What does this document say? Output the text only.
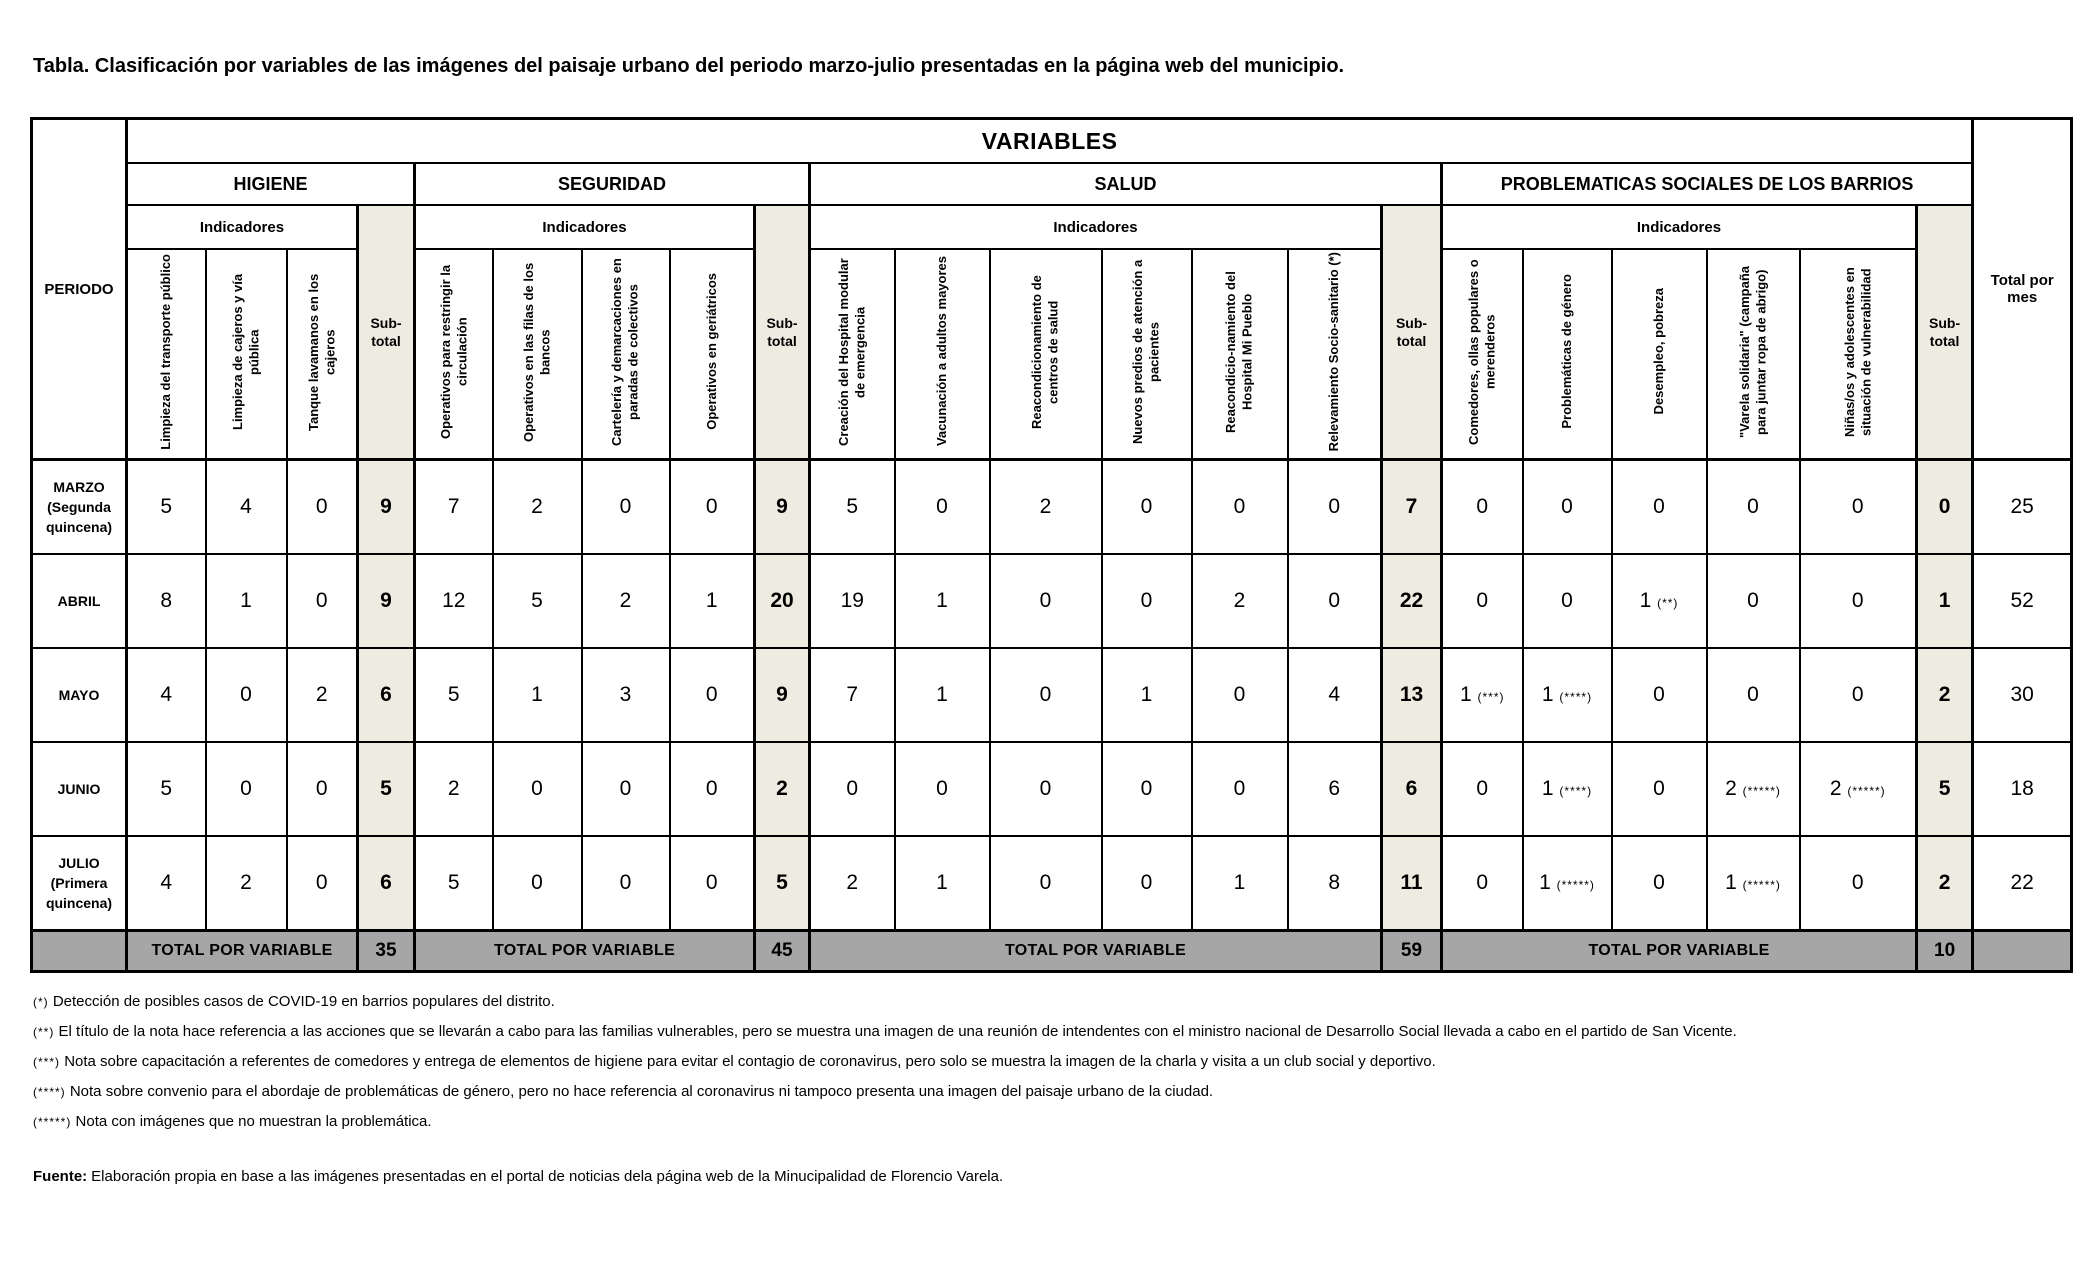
Tabla. Clasificación por variables de las imágenes del paisaje urbano del periodo marzo-julio presentadas en la página web del municipio.
PERIODO	VARIABLES																						Total por mes
	HIGIENE				SEGURIDAD					SALUD							PROBLEMATICAS SOCIALES DE LOS BARRIOS						
	Indicadores			Sub-total	Indicadores				Sub-total	Indicadores						Sub-total	Indicadores					Sub-total	
	Limpieza del transporte público	Limpieza de cajeros y vía pública	Tanque lavamanos en los cajeros		Operativos para restringir la circulación	Operativos en las filas de los bancos	Cartelería y demarcaciones en paradas de colectivos	Operativos en geriátricos		Creación del Hospital modular de emergencia	Vacunación a adultos mayores	Reacondicionamiento de centros de salud	Nuevos predios de atención a pacientes	Reacondicio-namiento del Hospital Mi Pueblo	Relevamiento Socio-sanitario (*)		Comedores, ollas populares o merenderos	Problemáticas de género	Desempleo, pobreza	"Varela solidaria" (campaña para juntar ropa de abrigo)	Niñas/os y adolescentes en situación de vulnerabilidad		
MARZO (Segunda quincena)	5	4	0	9	7	2	0	0	9	5	0	2	0	0	0	7	0	0	0	0	0	0	25
ABRIL	8	1	0	9	12	5	2	1	20	19	1	0	0	2	0	22	0	0	1 (**)	0	0	1	52
MAYO	4	0	2	6	5	1	3	0	9	7	1	0	1	0	4	13	1 (***)	1 (****)	0	0	0	2	30
JUNIO	5	0	0	5	2	0	0	0	2	0	0	0	0	0	6	6	0	1 (****)	0	2 (*****)	2 (*****)	5	18
JULIO (Primera quincena)	4	2	0	6	5	0	0	0	5	2	1	0	0	1	8	11	0	1 (*****)	0	1 (*****)	0	2	22
	TOTAL POR VARIABLE			35	TOTAL POR VARIABLE				45	TOTAL POR VARIABLE						59	TOTAL POR VARIABLE					10	
(*) Detección de posibles casos de COVID-19 en barrios populares del distrito.
(**) El título de la nota hace referencia a las acciones que se llevarán a cabo para las familias vulnerables, pero se muestra una imagen de una reunión de intendentes con el ministro nacional de Desarrollo Social llevada a cabo en el partido de San Vicente.
(***) Nota sobre capacitación a referentes de comedores y entrega de elementos de higiene para evitar el contagio de coronavirus, pero solo se muestra la imagen de la charla y visita a un club social y deportivo.
(****) Nota sobre convenio para el abordaje de problemáticas de género, pero no hace referencia al coronavirus ni tampoco presenta una imagen del paisaje urbano de la ciudad.
(*****) Nota con imágenes que no muestran la problemática.
Fuente: Elaboración propia en base a las imágenes presentadas en el portal de noticias dela página web de la Minucipalidad de Florencio Varela.
